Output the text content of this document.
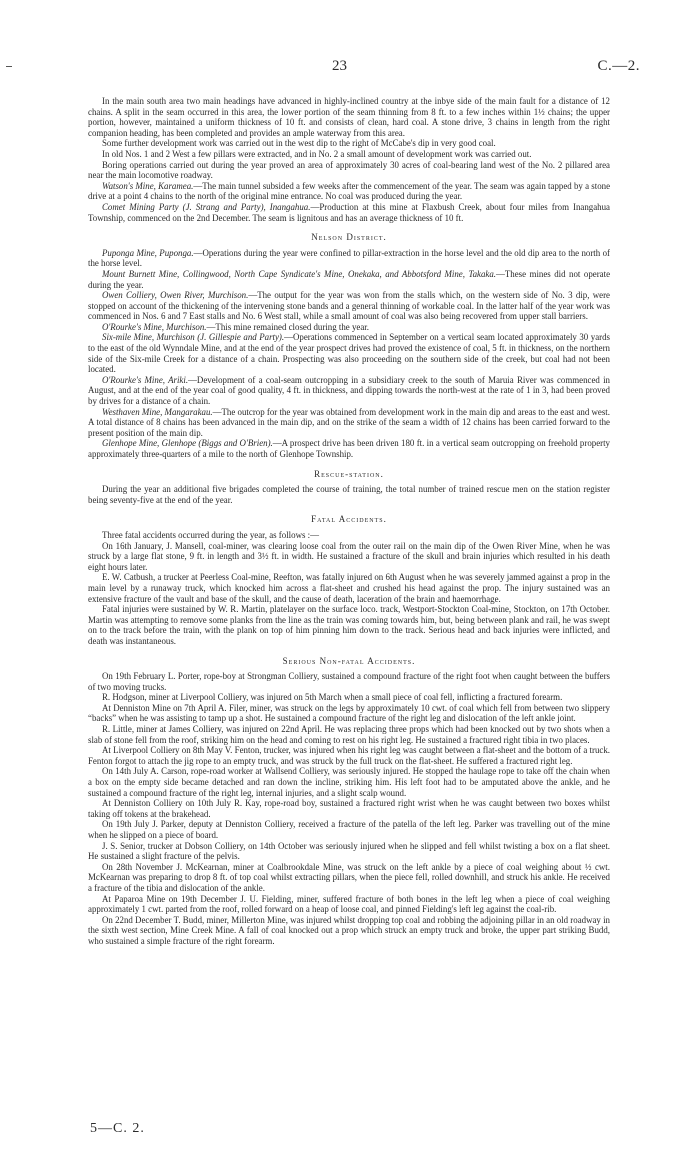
23	C.—2.

In the main south area two main headings have advanced in highly-inclined country at the inbye side of the main fault for a distance of 12 chains. A split in the seam occurred in this area, the lower portion of the seam thinning from 8 ft. to a few inches within 1½ chains; the upper portion, however, maintained a uniform thickness of 10 ft. and consists of clean, hard coal. A stone drive, 3 chains in length from the right companion heading, has been completed and provides an ample waterway from this area.

Some further development work was carried out in the west dip to the right of McCabe's dip in very good coal.

In old Nos. 1 and 2 West a few pillars were extracted, and in No. 2 a small amount of development work was carried out.

Boring operations carried out during the year proved an area of approximately 30 acres of coal-bearing land west of the No. 2 pillared area near the main locomotive roadway.

Watson's Mine, Karamea.—The main tunnel subsided a few weeks after the commencement of the year. The seam was again tapped by a stone drive at a point 4 chains to the north of the original mine entrance. No coal was produced during the year.

Comet Mining Party (J. Strang and Party), Inangahua.—Production at this mine at Flaxbush Creek, about four miles from Inangahua Township, commenced on the 2nd December. The seam is lignitous and has an average thickness of 10 ft.

Nelson District.

Puponga Mine, Puponga.—Operations during the year were confined to pillar-extraction in the horse level and the old dip area to the north of the horse level.

Mount Burnett Mine, Collingwood, North Cape Syndicate's Mine, Onekaka, and Abbotsford Mine, Takaka.—These mines did not operate during the year.

Owen Colliery, Owen River, Murchison.—The output for the year was won from the stalls which, on the western side of No. 3 dip, were stopped on account of the thickening of the intervening stone bands and a general thinning of workable coal. In the latter half of the year work was commenced in Nos. 6 and 7 East stalls and No. 6 West stall, while a small amount of coal was also being recovered from upper stall barriers.

O'Rourke's Mine, Murchison.—This mine remained closed during the year.

Six-mile Mine, Murchison (J. Gillespie and Party).—Operations commenced in September on a vertical seam located approximately 30 yards to the east of the old Wynndale Mine, and at the end of the year prospect drives had proved the existence of coal, 5 ft. in thickness, on the northern side of the Six-mile Creek for a distance of a chain. Prospecting was also proceeding on the southern side of the creek, but coal had not been located.

O'Rourke's Mine, Ariki.—Development of a coal-seam outcropping in a subsidiary creek to the south of Maruia River was commenced in August, and at the end of the year coal of good quality, 4 ft. in thickness, and dipping towards the north-west at the rate of 1 in 3, had been proved by drives for a distance of a chain.

Westhaven Mine, Mangarakau.—The outcrop for the year was obtained from development work in the main dip and areas to the east and west. A total distance of 8 chains has been advanced in the main dip, and on the strike of the seam a width of 12 chains has been carried forward to the present position of the main dip.

Glenhope Mine, Glenhope (Biggs and O'Brien).—A prospect drive has been driven 180 ft. in a vertical seam outcropping on freehold property approximately three-quarters of a mile to the north of Glenhope Township.

Rescue-station.

During the year an additional five brigades completed the course of training, the total number of trained rescue men on the station register being seventy-five at the end of the year.

Fatal Accidents.

Three fatal accidents occurred during the year, as follows :—

On 16th January, J. Mansell, coal-miner, was clearing loose coal from the outer rail on the main dip of the Owen River Mine, when he was struck by a large flat stone, 9 ft. in length and 3½ ft. in width. He sustained a fracture of the skull and brain injuries which resulted in his death eight hours later.

E. W. Catbush, a trucker at Peerless Coal-mine, Reefton, was fatally injured on 6th August when he was severely jammed against a prop in the main level by a runaway truck, which knocked him across a flat-sheet and crushed his head against the prop. The injury sustained was an extensive fracture of the vault and base of the skull, and the cause of death, laceration of the brain and haemorrhage.

Fatal injuries were sustained by W. R. Martin, platelayer on the surface loco. track, Westport-Stockton Coal-mine, Stockton, on 17th October. Martin was attempting to remove some planks from the line as the train was coming towards him, but, being between plank and rail, he was swept on to the track before the train, with the plank on top of him pinning him down to the track. Serious head and back injuries were inflicted, and death was instantaneous.

Serious Non-fatal Accidents.

On 19th February L. Porter, rope-boy at Strongman Colliery, sustained a compound fracture of the right foot when caught between the buffers of two moving trucks.

R. Hodgson, miner at Liverpool Colliery, was injured on 5th March when a small piece of coal fell, inflicting a fractured forearm.

At Denniston Mine on 7th April A. Filer, miner, was struck on the legs by approximately 10 cwt. of coal which fell from between two slippery “backs” when he was assisting to tamp up a shot. He sustained a compound fracture of the right leg and dislocation of the left ankle joint.

R. Little, miner at James Colliery, was injured on 22nd April. He was replacing three props which had been knocked out by two shots when a slab of stone fell from the roof, striking him on the head and coming to rest on his right leg. He sustained a fractured right tibia in two places.

At Liverpool Colliery on 8th May V. Fenton, trucker, was injured when his right leg was caught between a flat-sheet and the bottom of a truck. Fenton forgot to attach the jig rope to an empty truck, and was struck by the full truck on the flat-sheet. He suffered a fractured right leg.

On 14th July A. Carson, rope-road worker at Wallsend Colliery, was seriously injured. He stopped the haulage rope to take off the chain when a box on the empty side became detached and ran down the incline, striking him. His left foot had to be amputated above the ankle, and he sustained a compound fracture of the right leg, internal injuries, and a slight scalp wound.

At Denniston Colliery on 10th July R. Kay, rope-road boy, sustained a fractured right wrist when he was caught between two boxes whilst taking off tokens at the brakehead.

On 19th July J. Parker, deputy at Denniston Colliery, received a fracture of the patella of the left leg. Parker was travelling out of the mine when he slipped on a piece of board.

J. S. Senior, trucker at Dobson Colliery, on 14th October was seriously injured when he slipped and fell whilst twisting a box on a flat sheet. He sustained a slight fracture of the pelvis.

On 28th November J. McKearnan, miner at Coalbrookdale Mine, was struck on the left ankle by a piece of coal weighing about ½ cwt. McKearnan was preparing to drop 8 ft. of top coal whilst extracting pillars, when the piece fell, rolled downhill, and struck his ankle. He received a fracture of the tibia and dislocation of the ankle.

At Paparoa Mine on 19th December J. U. Fielding, miner, suffered fracture of both bones in the left leg when a piece of coal weighing approximately 1 cwt. parted from the roof, rolled forward on a heap of loose coal, and pinned Fielding's left leg against the coal-rib.

On 22nd December T. Budd, miner, Millerton Mine, was injured whilst dropping top coal and robbing the adjoining pillar in an old roadway in the sixth west section, Mine Creek Mine. A fall of coal knocked out a prop which struck an empty truck and broke, the upper part striking Budd, who sustained a simple fracture of the right forearm.

5—C. 2.
